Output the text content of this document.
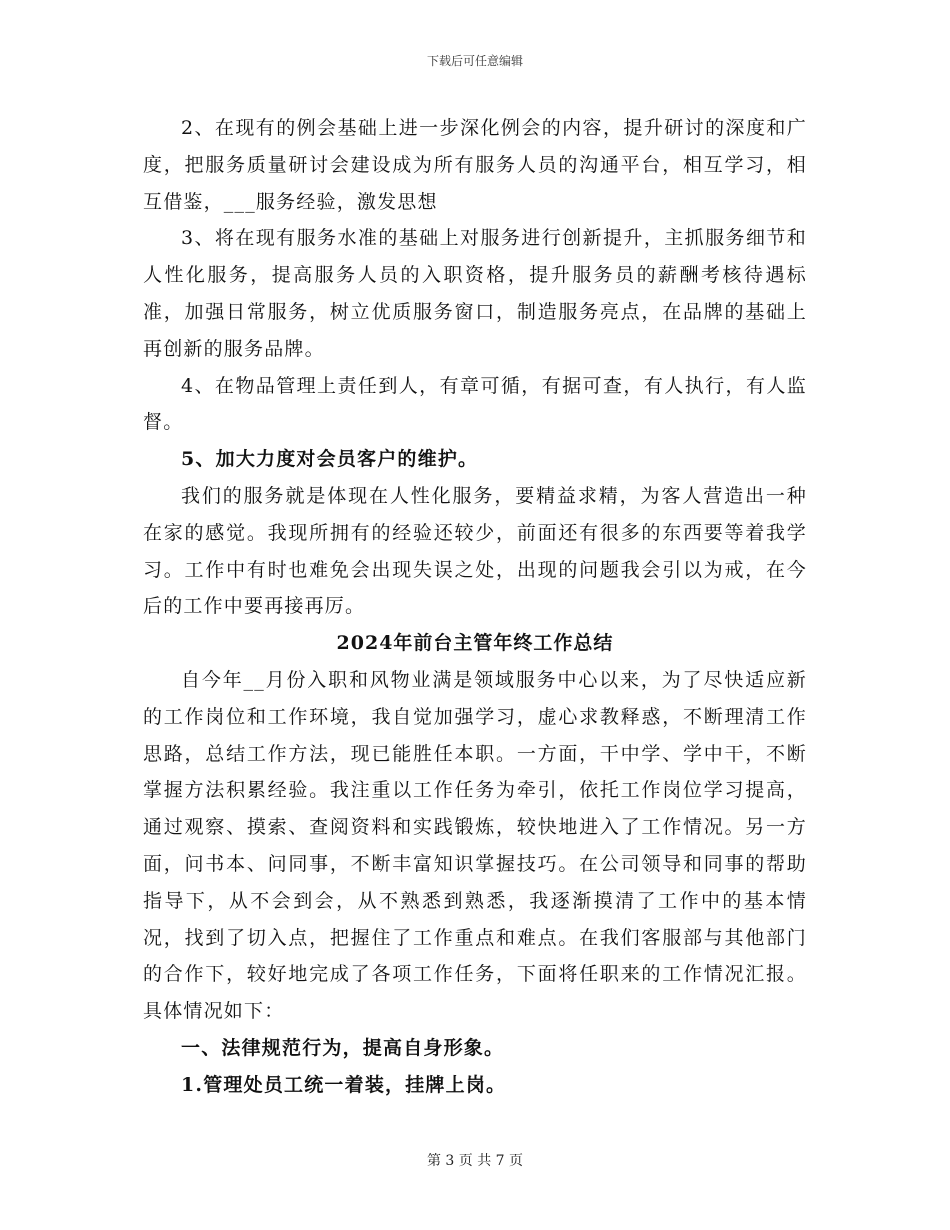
下载后可任意编辑

2、在现有的例会基础上进一步深化例会的内容，提升研讨的深度和广度，把服务质量研讨会建设成为所有服务人员的沟通平台，相互学习，相互借鉴，___服务经验，激发思想

3、将在现有服务水准的基础上对服务进行创新提升，主抓服务细节和人性化服务，提高服务人员的入职资格，提升服务员的薪酬考核待遇标准，加强日常服务，树立优质服务窗口，制造服务亮点，在品牌的基础上再创新的服务品牌。

4、在物品管理上责任到人，有章可循，有据可查，有人执行，有人监督。

5、加大力度对会员客户的维护。

我们的服务就是体现在人性化服务，要精益求精，为客人营造出一种在家的感觉。我现所拥有的经验还较少，前面还有很多的东西要等着我学习。工作中有时也难免会出现失误之处，出现的问题我会引以为戒，在今后的工作中要再接再厉。

2024年前台主管年终工作总结

自今年__月份入职和风物业满是领域服务中心以来，为了尽快适应新的工作岗位和工作环境，我自觉加强学习，虚心求教释惑，不断理清工作思路，总结工作方法，现已能胜任本职。一方面，干中学、学中干，不断掌握方法积累经验。我注重以工作任务为牵引，依托工作岗位学习提高，通过观察、摸索、查阅资料和实践锻炼，较快地进入了工作情况。另一方面，问书本、问同事，不断丰富知识掌握技巧。在公司领导和同事的帮助指导下，从不会到会，从不熟悉到熟悉，我逐渐摸清了工作中的基本情况，找到了切入点，把握住了工作重点和难点。在我们客服部与其他部门的合作下，较好地完成了各项工作任务，下面将任职来的工作情况汇报。具体情况如下：

一、法律规范行为，提高自身形象。

1.管理处员工统一着装，挂牌上岗。

第 3 页 共 7 页
